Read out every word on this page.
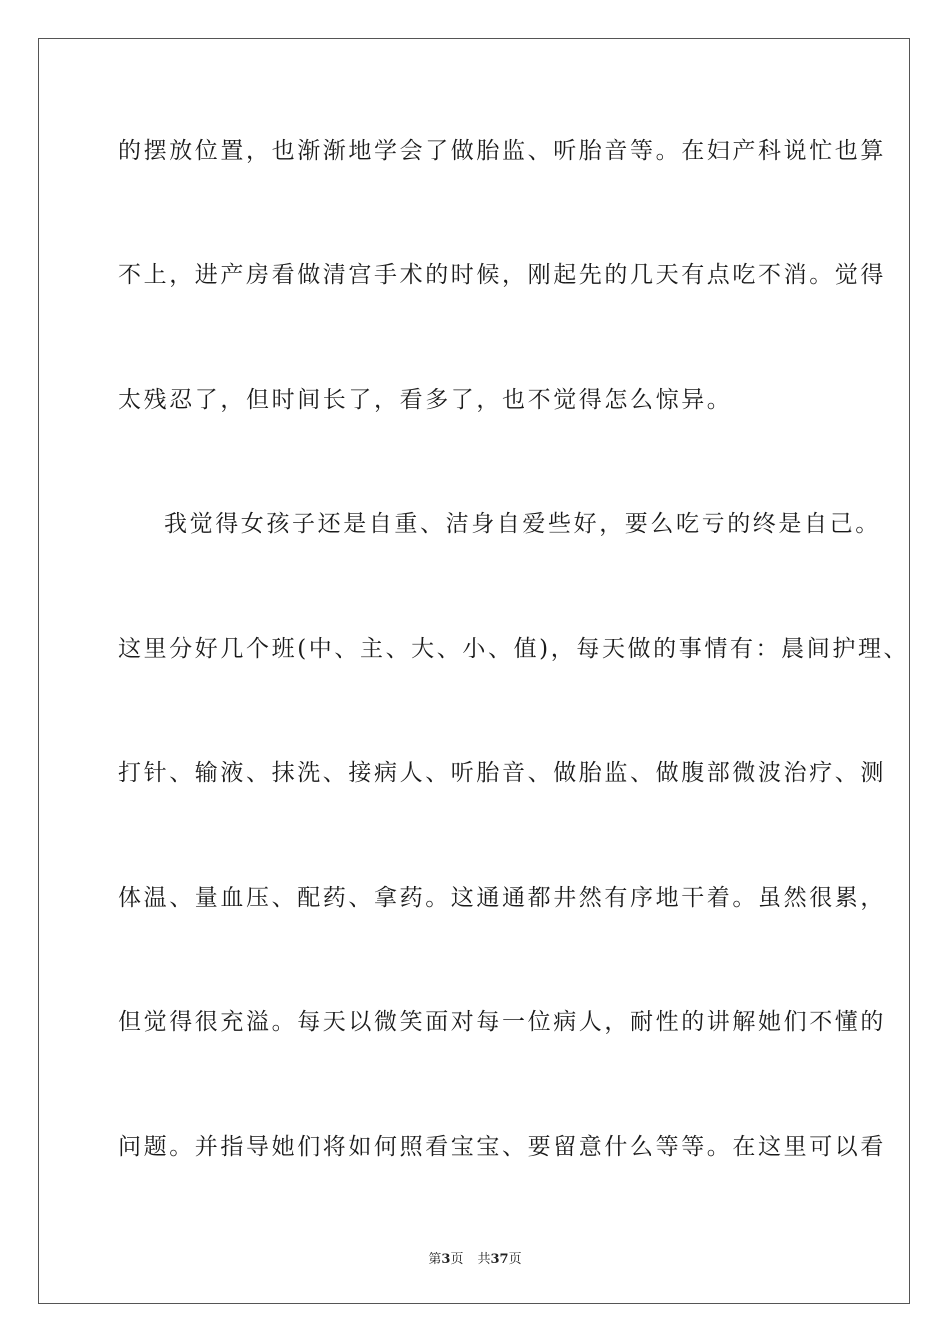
的摆放位置，也渐渐地学会了做胎监、听胎音等。在妇产科说忙也算
不上，进产房看做清宫手术的时候，刚起先的几天有点吃不消。觉得
太残忍了，但时间长了，看多了，也不觉得怎么惊异。
我觉得女孩子还是自重、洁身自爱些好，要么吃亏的终是自己。
这里分好几个班(中、主、大、小、值)，每天做的事情有：晨间护理、
打针、输液、抹洗、接病人、听胎音、做胎监、做腹部微波治疗、测
体温、量血压、配药、拿药。这通通都井然有序地干着。虽然很累，
但觉得很充溢。每天以微笑面对每一位病人，耐性的讲解她们不懂的
问题。并指导她们将如何照看宝宝、要留意什么等等。在这里可以看
第3页 共37页
